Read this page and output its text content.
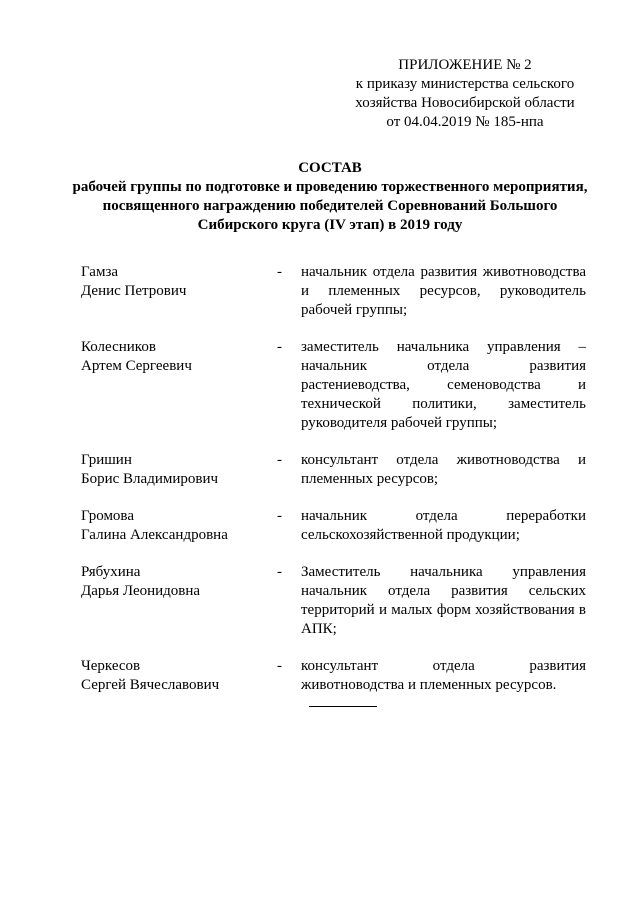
ПРИЛОЖЕНИЕ № 2
к приказу министерства сельского
хозяйства Новосибирской области
от 04.04.2019 № 185-нпа
СОСТАВ
рабочей группы по подготовке и проведению торжественного мероприятия,
посвященного награждению победителей Соревнований Большого
Сибирского круга (IV этап) в 2019 году
Гамза
Денис Петрович
-	начальник отдела развития животноводства и племенных ресурсов, руководитель рабочей группы;
Колесников
Артем Сергеевич
-	заместитель начальника управления – начальник отдела развития растениеводства, семеноводства и технической политики, заместитель руководителя рабочей группы;
Гришин
Борис Владимирович
-	консультант отдела животноводства и племенных ресурсов;
Громова
Галина Александровна
-	начальник отдела переработки сельскохозяйственной продукции;
Рябухина
Дарья Леонидовна
-	Заместитель начальника управления начальник отдела развития сельских территорий и малых форм хозяйствования в АПК;
Черкесов
Сергей Вячеславович
-	консультант отдела развития животноводства и племенных ресурсов.
